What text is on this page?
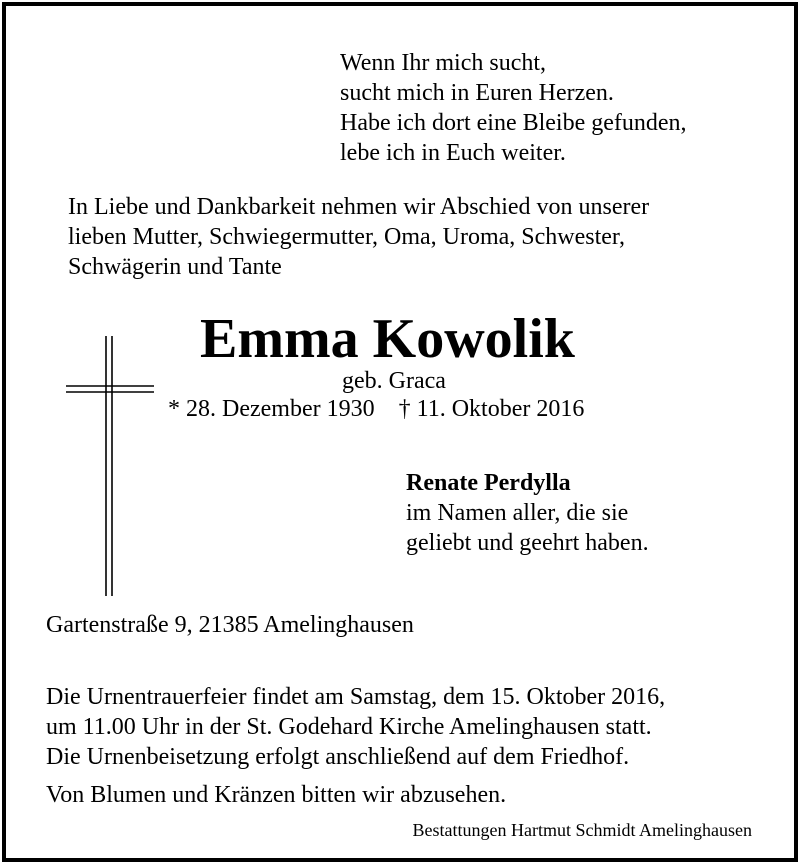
Wenn Ihr mich sucht,
sucht mich in Euren Herzen.
Habe ich dort eine Bleibe gefunden,
lebe ich in Euch weiter.
In Liebe und Dankbarkeit nehmen wir Abschied von unserer
lieben Mutter, Schwiegermutter, Oma, Uroma, Schwester,
Schwägerin und Tante
Emma Kowolik
geb. Graca
* 28. Dezember 1930 † 11. Oktober 2016
Renate Perdylla
im Namen aller, die sie
geliebt und geehrt haben.
Gartenstraße 9, 21385 Amelinghausen
Die Urnentrauerfeier findet am Samstag, dem 15. Oktober 2016,
um 11.00 Uhr in der St. Godehard Kirche Amelinghausen statt.
Die Urnenbeisetzung erfolgt anschließend auf dem Friedhof.
Von Blumen und Kränzen bitten wir abzusehen.
Bestattungen Hartmut Schmidt Amelinghausen
